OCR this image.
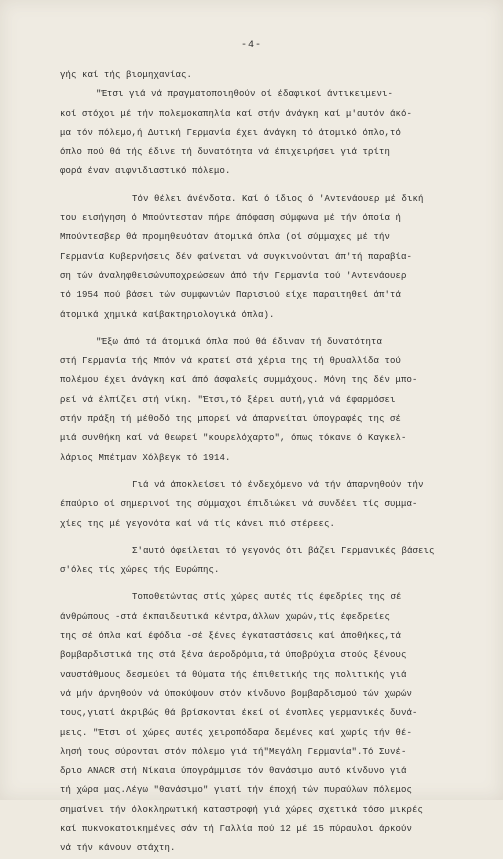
-4-
γής καί τής βιομηχανίας.
"Έτσι γιά νά πραγματοποιηθούν οί έδαφικοί άντικειμενι-
κοί στόχοι μέ τήν πολεμοκαπηλία καί στήν άνάγκη καί μ'αυτόν άκό-
μα τόν πόλεμο,ή Δυτική Γερμανία έχει άνάγκη τό άτομικό όπλο,τό
όπλο πού θά τής έδινε τή δυνατότητα νά έπιχειρήσει γιά τρίτη
φορά έναν αιφνιδιαστικό πόλεμο.
Τόν θέλει άνένδοτα. Καί ό ίδιος ό 'Αντενάουερ μέ δική
του εισήγηση ό Μπούντεσταν πήρε άπόφαση σύμφωνα μέ τήν όποία ή
Μπούντεσβερ θά προμηθευόταν άτομικά όπλα (οί σύμμαχες μέ τήν
Γερμανία Κυβερνήσεις δέν φαίνεται νά συγκινούνται άπ'τή παραβία-
ση τών άναληφθεισώνυποχρεώσεων άπό τήν Γερμανία τού 'Αντενάουερ
τό 1954 πού βάσει τών συμφωνιών Παρισιού είχε παραιτηθεί άπ'τά
άτομικά χημικά καίβακτηριολογικά όπλα).
"Έξω άπό τά άτομικά όπλα πού θά έδιναν τή δυνατότητα
στή Γερμανία τής Μπόν νά κρατεί στά χέρια της τή θρυαλλίδα τού
πολέμου έχει άνάγκη καί άπό άσφαλείς συμμάχους. Μόνη της δέν μπο-
ρεί νά έλπίζει στή νίκη. "Έτσι,τό ξέρει αυτή,γιά νά έφαρμόσει
στήν πράξη τή μέθοδό της μπορεί νά άπαρνείται ύπογραφές της σέ
μιά συνθήκη καί νά θεωρεί "κουρελόχαρτο", όπως τόκανε ό Καγκελ-
λάριος Μπέτμαν Χόλβεγκ τό 1914.
Γιά νά άποκλείσει τό ένδεχόμενο νά τήν άπαρνηθούν τήν
έπαύριο οί σημερινοί της σύμμαχοι έπιδιώκει νά συνδέει τίς συμμα-
χίες της μέ γεγονότα καί νά τίς κάνει πιό στέρεες.
Σ'αυτό όφείλεται τό γεγονός ότι βάζει Γερμανικές βάσεις
σ'όλες τίς χώρες τής Ευρώπης.
Τοποθετώντας στίς χώρες αυτές τίς έφεδρίες της σέ
άνθρώπους -στά έκπαιδευτικά κέντρα,άλλων χωρών,τίς έφεδρείες
της σέ όπλα καί έφόδια -σέ ξένες έγκαταστάσεις καί άποθήκες,τά
βομβαρδιστικά της στά ξένα άεροδρόμια,τά ύποβρύχια στούς ξένους
ναυστάθμους δεσμεύει τά θύματα τής έπιθετικής της πολιτικής γιά
νά μήν άρνηθούν νά ύποκύψουν στόν κίνδυνο βομβαρδισμού τών χωρών
τους,γιατί άκριβώς θά βρίσκονται έκεί οί ένοπλες γερμανικές δυνά-
μεις. "Έτσι οί χώρες αυτές χειροπόδαρα δεμένες καί χωρίς τήν θέ-
λησή τους σύρονται στόν πόλεμο γιά τή"Μεγάλη Γερμανία".Τό Συνέ-
δριο ANACR στή Νίκαια ύπογράμμισε τόν θανάσιμο αυτό κίνδυνο γιά
τή χώρα μας.Λέγω "θανάσιμο" γιατί τήν έποχή τών πυραύλων πόλεμος
σημαίνει τήν όλοκληρωτική καταστροφή γιά χώρες σχετικά τόσο μικρές
καί πυκνοκατοικημένες σάν τή Γαλλία πού 12 μέ 15 πύραυλοι άρκούν
νά τήν κάνουν στάχτη.
